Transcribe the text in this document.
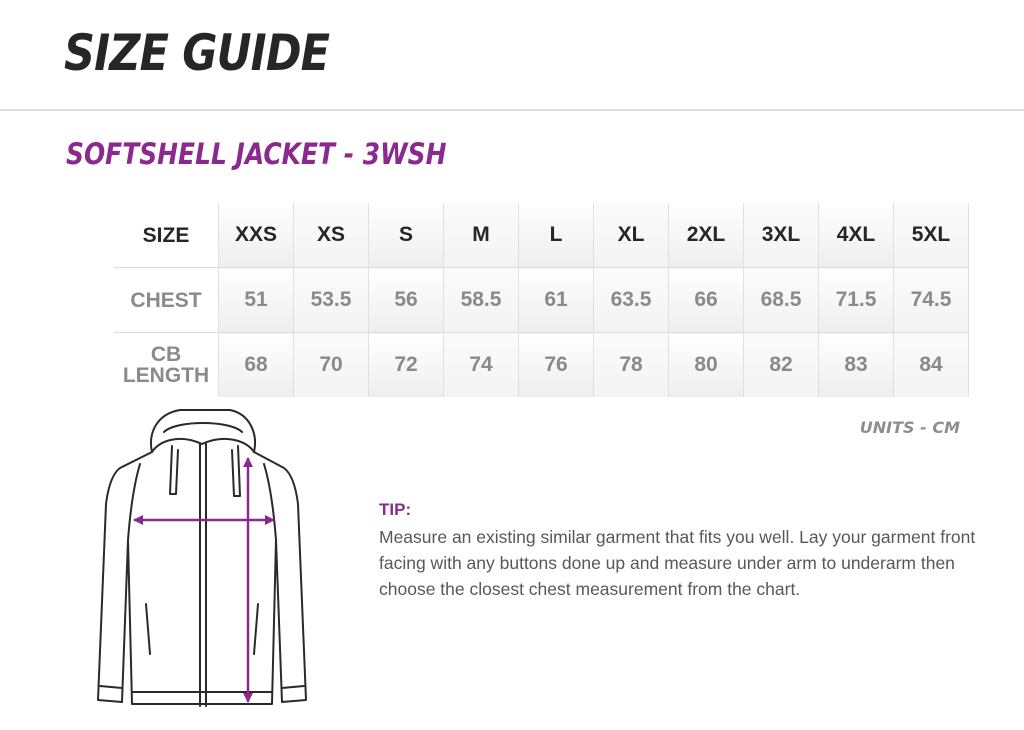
SIZE GUIDE
SOFTSHELL JACKET - 3WSH
SIZE	XXS	XS	S	M	L	XL	2XL	3XL	4XL	5XL
CHEST	51	53.5	56	58.5	61	63.5	66	68.5	71.5	74.5
CB
LENGTH	68	70	72	74	76	78	80	82	83	84
UNITS - CM
TIP:

Measure an existing similar garment that fits you well. Lay your garment front facing with any buttons done up and measure under arm to underarm then choose the closest chest measurement from the chart.
